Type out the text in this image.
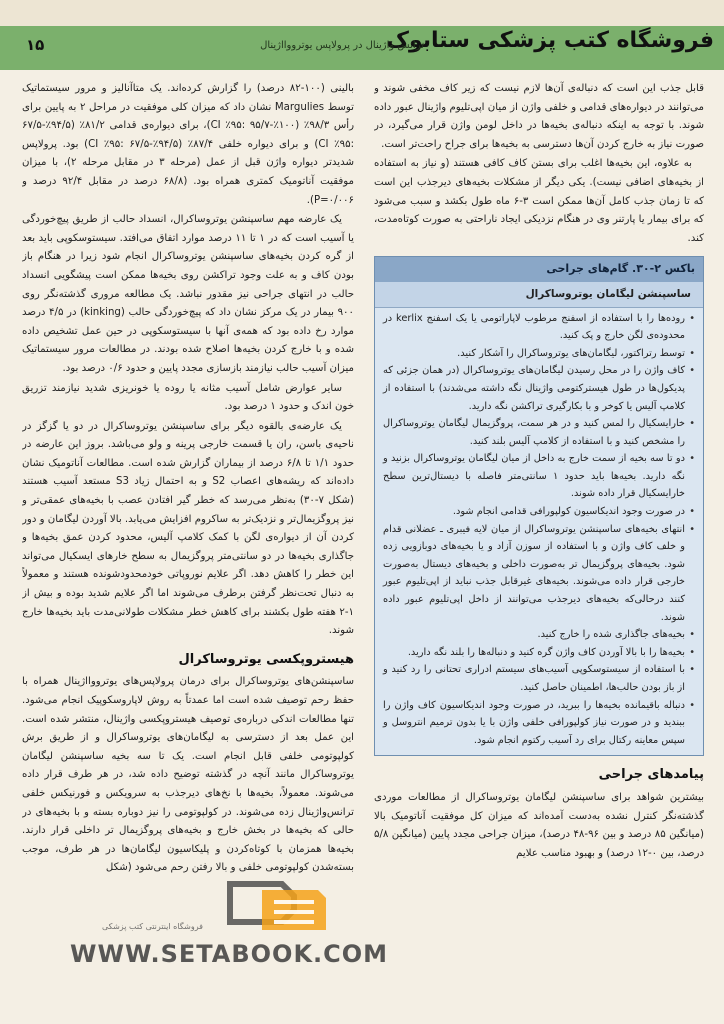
فروشگاه کتب پزشکی ستابوک
ترانس واژینال در پرولاپس یوترووااژینال
۱۵

قابل جذب این است که دنباله‌ی آن‌ها لازم نیست که زیر کاف مخفی شوند و می‌توانند در دیواره‌های قدامی و خلفی واژن از میان اپی‌تلیوم واژینال عبور داده شوند. با توجه به اینکه دنباله‌ی بخیه‌ها در داخل لومن واژن قرار می‌گیرد، در صورت نیاز به خارج کردن آن‌ها دسترسی به بخیه‌ها برای جراح راحت‌تر است.

به علاوه، این بخیه‌ها اغلب برای بستن کاف کافی هستند (و نیاز به استفاده از بخیه‌های اضافی نیست). یکی دیگر از مشکلات بخیه‌های دیرجذب این است که تا زمان جذب کامل آن‌ها ممکن است ۳-۶ ماه طول بکشد و سبب می‌شود که برای بیمار یا پارتنر وی در هنگام نزدیکی ایجاد ناراحتی به صورت کوتاه‌مدت، کند.

باکس ۲-۳۰. گام‌های جراحی
ساسپنشن لیگامان یوتروساکرال
• روده‌ها را با استفاده از اسفنج مرطوب لاپاراتومی یا یک اسفنج kerlix در محدوده‌ی لگن خارج و پک کنید.
• توسط رتراکتور، لیگامان‌های یوتروساکرال را آشکار کنید.
• کاف واژن را در محل رسیدن لیگامان‌های یوتروساکرال (در همان جزئی که پدیکول‌ها در طول هیسترکتومی واژینال نگه داشته می‌شدند) با استفاده از کلامپ آلیس یا کوخر و با بکارگیری تراکشن نگه دارید.
• خارایسکیال را لمس کنید و در هر سمت، پروگزیمال لیگامان یوتروساکرال را مشخص کنید و با استفاده از کلامپ آلیس بلند کنید.
• دو تا سه بخیه از سمت خارج به داخل از میان لیگامان یوتروساکرال بزنید و نگه دارید. بخیه‌ها باید حدود ۱ سانتی‌متر فاصله با دیستال‌ترین سطح خارایسکیال قرار داده شوند.
• در صورت وجود اندیکاسیون کولپورافی قدامی انجام شود.
• انتهای بخیه‌های ساسپنشن یوتروساکرال از میان لایه فیبری ـ عضلانی قدام و خلف کاف واژن و با استفاده از سوزن آزاد و یا بخیه‌های دوبازویی زده شود. بخیه‌های پروگزیمال تر به‌صورت داخلی و بخیه‌های دیستال به‌صورت خارجی قرار داده می‌شوند. بخیه‌های غیرقابل جذب نباید از اپی‌تلیوم عبور کنند درحالی‌که بخیه‌های دیرجذب می‌توانند از داخل اپی‌تلیوم عبور داده شوند.
• بخیه‌های جاگذاری شده را خارج کنید.
• بخیه‌ها را با بالا آوردن کاف واژن گره کنید و دنباله‌ها را بلند نگه دارید.
• با استفاده از سیستوسکوپی آسیب‌های سیستم ادراری تحتانی را رد کنید و از باز بودن حالب‌ها، اطمینان حاصل کنید.
• دنباله باقیمانده بخیه‌ها را ببرید، در صورت وجود اندیکاسیون کاف واژن را ببندید و در صورت نیاز کولپورافی خلفی واژن با یا بدون ترمیم انتروسل و سپس معاینه رکتال برای رد آسیب رکتوم انجام شود.
پیامدهای جراحی

بیشترین شواهد برای ساسپنشن لیگامان یوتروساکرال از مطالعات موردی گذشته‌نگر کنترل نشده به‌دست آمده‌اند که میزان کل موفقیت آناتومیک بالا (میانگین ۸۵ درصد و بین ۹۶-۴۸ درصد)، میزان جراحی مجدد پایین (میانگین ۵/۸ درصد، بین ۰-۱۲ درصد) و بهبود مناسب علایم

بالینی (۱۰۰-۸۲ درصد) را گزارش کرده‌اند. یک متاآنالیز و مرور سیستماتیک توسط Margulies نشان داد که میزان کلی موفقیت در مراحل ۲ به پایین برای رأس ۹۸/۳٪ (۱۰۰٪-۹۵/۷ :CI ٪۹۵)، برای دیواره‌ی قدامی ۸۱/۲٪ (۹۴/۵٪-۶۷/۵ :CI ٪۹۵) و برای دیواره خلفی ۸۷/۴٪ (۹۴/۵٪-۶۷/۵ :CI ٪۹۵) بود. پرولاپس شدیدتر دیواره واژن قبل از عمل (مرحله ۳ در مقابل مرحله ۲)، با میزان موفقیت آناتومیک کمتری همراه بود. (۶۸/۸ درصد در مقابل ۹۲/۴ درصد و P=۰/۰۰۶).

یک عارضه مهم ساسپنشن یوتروساکرال، انسداد حالب از طریق پیچ‌خوردگی یا آسیب است که در ۱ تا ۱۱ درصد موارد اتفاق می‌افتد. سیستوسکوپی باید بعد از گره کردن بخیه‌های ساسپنشن یوتروساکرال انجام شود زیرا در هنگام باز بودن کاف و به علت وجود تراکشن روی بخیه‌ها ممکن است پیشگویی انسداد حالب در انتهای جراحی نیز مقدور نباشد. یک مطالعه مروری گذشته‌نگر روی ۹۰۰ بیمار در یک مرکز نشان داد که پیچ‌خوردگی حالب (kinking) در ۴/۵ درصد موارد رخ داده بود که همه‌ی آنها با سیستوسکوپی در حین عمل تشخیص داده شده و با خارج کردن بخیه‌ها اصلاح شده بودند. در مطالعات مرور سیستماتیک میزان آسیب حالب نیازمند بازسازی مجدد پایین و حدود ۰/۶ درصد بود.

سایر عوارض شامل آسیب مثانه یا روده یا خونریزی شدید نیازمند تزریق خون اندک و حدود ۱ درصد بود.

یک عارضه‌ی بالقوه دیگر برای ساسپنشن یوتروساکرال در دو یا گزگز در ناحیه‌ی باسن، ران یا قسمت خارجی پرینه و ولو می‌باشد. بروز این عارضه در حدود ۱/۱ تا ۶/۸ درصد از بیماران گزارش شده است. مطالعات آناتومیک نشان داده‌اند که ریشه‌های اعصاب S2 و به احتمال زیاد S3 مستعد آسیب هستند (شکل ۷-۳۰) به‌نظر می‌رسد که خطر گیر افتادن عصب با بخیه‌های عمقی‌تر و نیز پروگزیمال‌تر و نزدیک‌تر به ساکروم افزایش می‌یابد. بالا آوردن لیگامان و دور کردن آن از دیواره‌ی لگن با کمک کلامپ آلیس، محدود کردن عمق بخیه‌ها و جاگذاری بخیه‌ها در دو سانتی‌متر پروگزیمال به سطح خارهای ایسکیال می‌تواند این خطر را کاهش دهد. اگر علایم نوروپاتی خودمحدودشونده هستند و معمولاً به دنبال تحت‌نظر گرفتن برطرف می‌شوند اما اگر علایم شدید بوده و بیش از ۱-۲ هفته طول بکشند برای کاهش خطر مشکلات طولانی‌مدت باید بخیه‌ها خارج شوند.

هیستروپکسی یوتروساکرال

ساسپنشن‌های یوتروساکرال برای درمان پرولاپس‌های یوترووااژینال همراه با حفظ رحم توصیف شده است اما عمدتاً به روش لاپاروسکوپیک انجام می‌شود. تنها مطالعات اندکی درباره‌ی توصیف هیستروپکسی واژینال، منتشر شده است. این عمل بعد از دسترسی به لیگامان‌های یوتروساکرال و از طریق برش کولپوتومی خلفی قابل انجام است. یک تا سه بخیه ساسپنشن لیگامان یوتروساکرال مانند آنچه در گذشته توضیح داده شد، در هر طرف قرار داده می‌شوند. معمولاً، بخیه‌ها با نخ‌های دیرجذب به سرویکس و فورنیکس خلفی ترانس‌واژینال زده می‌شوند. در کولپوتومی را نیز دوباره بسته و با بخیه‌های در حالی که بخیه‌ها در بخش خارج و بخیه‌های پروگزیمال تر داخلی قرار دارند. بخیه‌ها همزمان با کوتاه‌کردن و پلیکاسیون لیگامان‌ها در هر طرف، موجب بسته‌شدن کولپوتومی خلفی و بالا رفتن رحم می‌شود (شکل

فروشگاه اینترنتی کتب پزشکی
WWW.SETABOOK.COM
